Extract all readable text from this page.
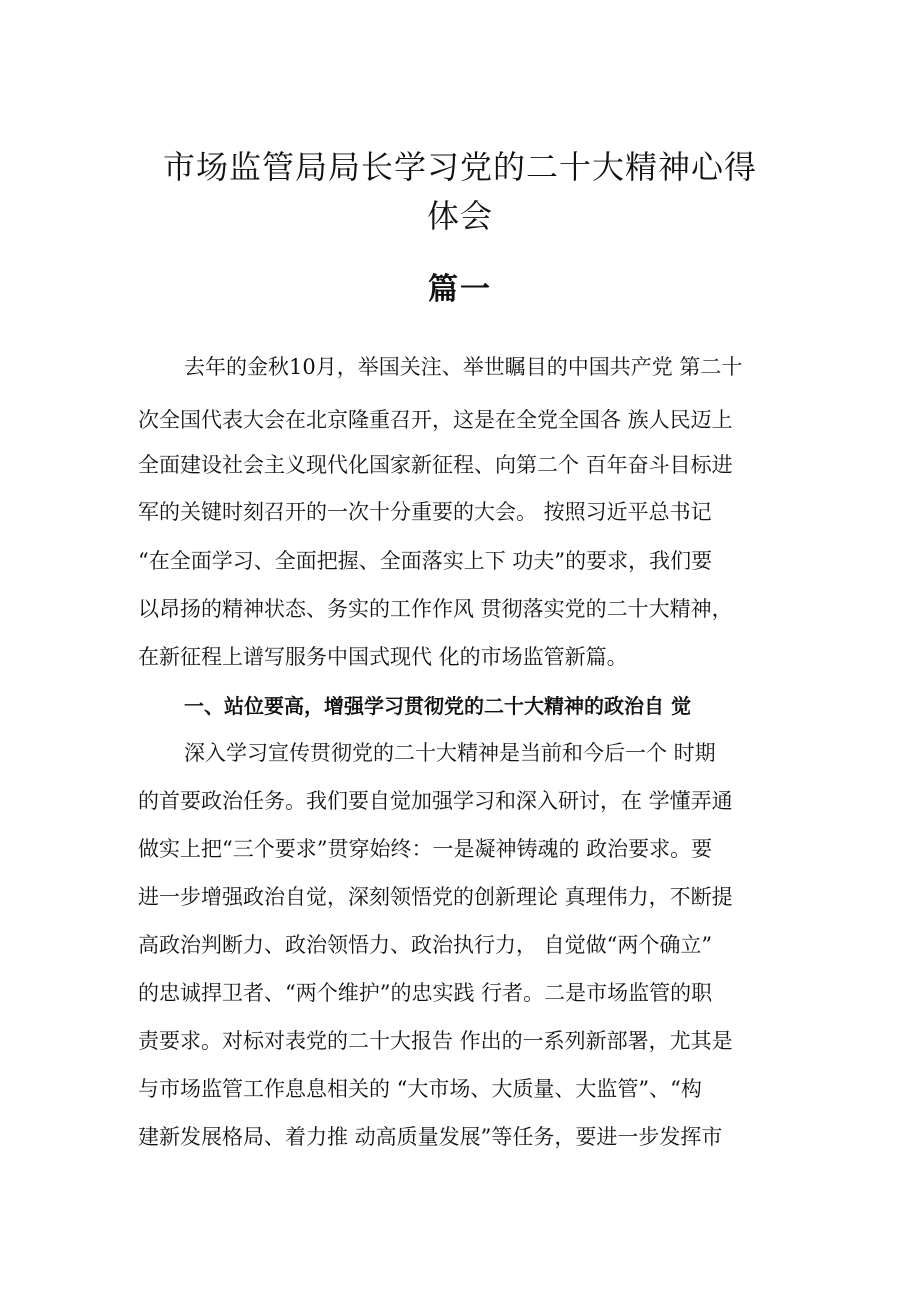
市场监管局局长学习党的二十大精神心得
体会
篇一

去年的金秋10月，举国关注、举世瞩目的中国共产党 第二十

次全国代表大会在北京隆重召开，这是在全党全国各 族人民迈上

全面建设社会主义现代化国家新征程、向第二个 百年奋斗目标进

军的关键时刻召开的一次十分重要的大会。 按照习近平总书记

“在全面学习、全面把握、全面落实上下 功夫”的要求，我们要

以昂扬的精神状态、务实的工作作风 贯彻落实党的二十大精神，

在新征程上谱写服务中国式现代 化的市场监管新篇。

一、站位要高，增强学习贯彻党的二十大精神的政治自 觉

深入学习宣传贯彻党的二十大精神是当前和今后一个 时期

的首要政治任务。我们要自觉加强学习和深入研讨，在 学懂弄通

做实上把“三个要求”贯穿始终：一是凝神铸魂的 政治要求。要

进一步增强政治自觉，深刻领悟党的创新理论 真理伟力，不断提

高政治判断力、政治领悟力、政治执行力， 自觉做“两个确立”

的忠诚捍卫者、“两个维护”的忠实践 行者。二是市场监管的职

责要求。对标对表党的二十大报告 作出的一系列新部署，尤其是

与市场监管工作息息相关的 “大市场、大质量、大监管”、“构

建新发展格局、着力推 动高质量发展”等任务，要进一步发挥市
